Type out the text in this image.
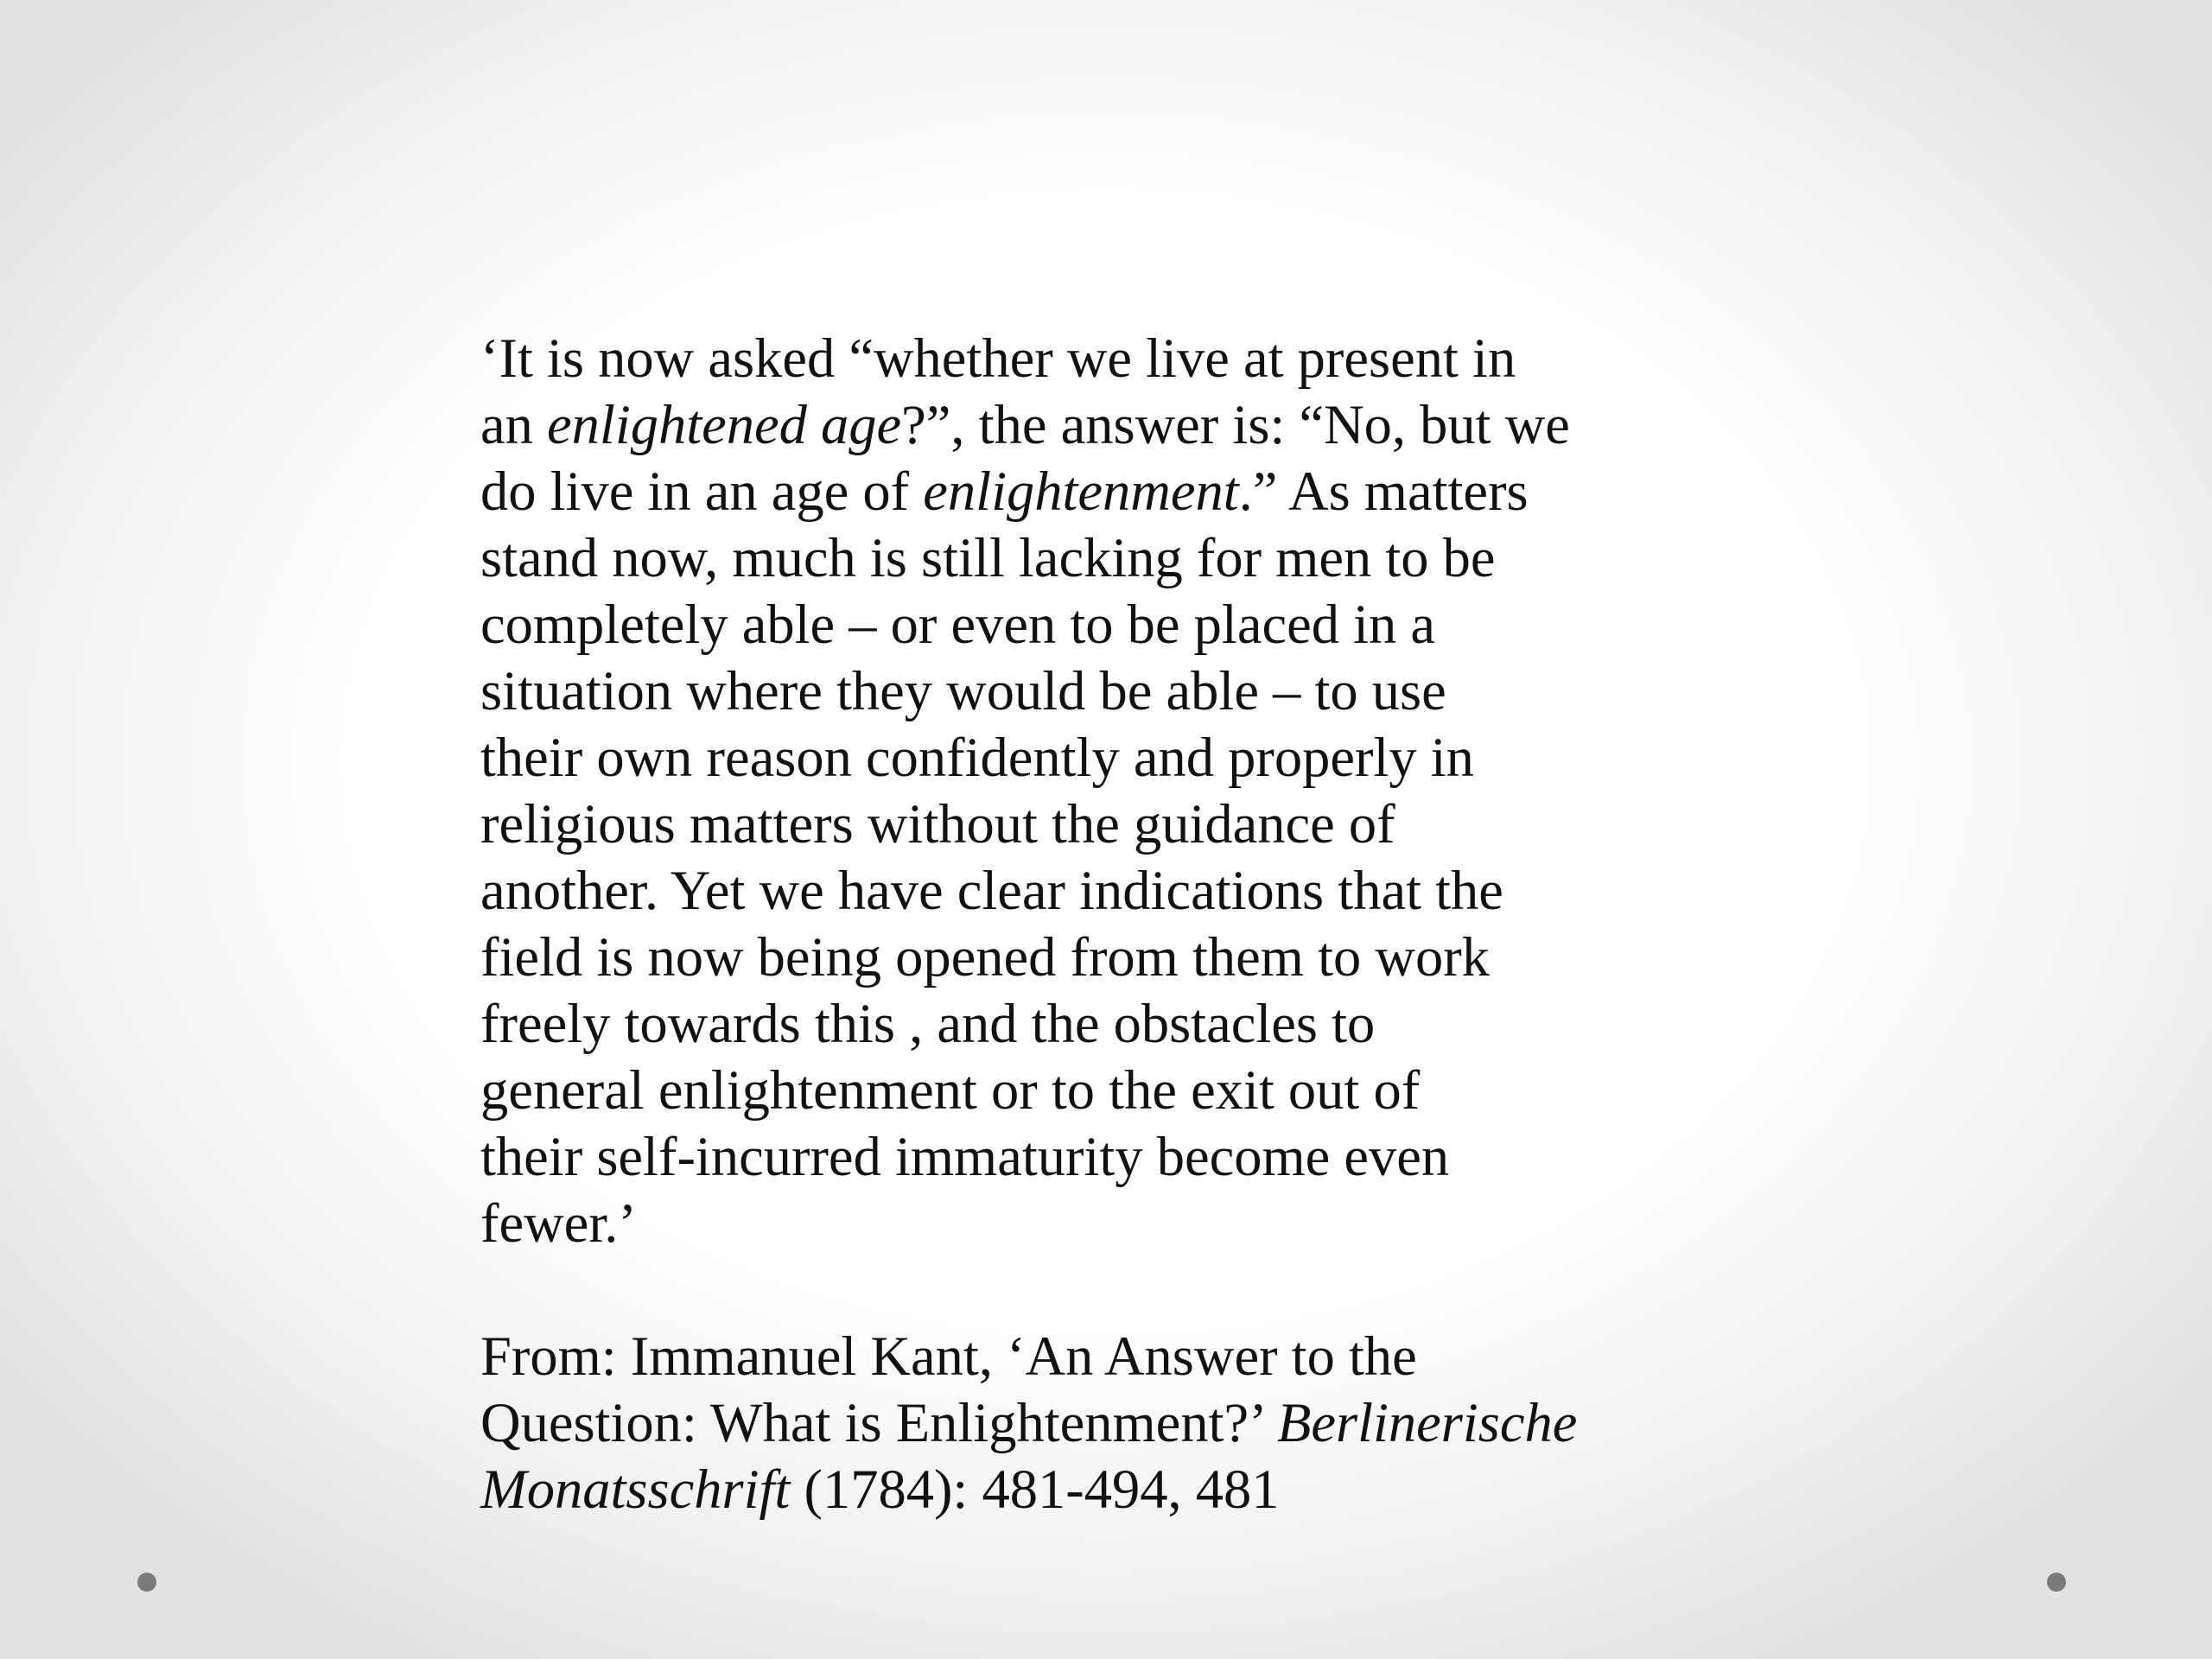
‘It is now asked “whether we live at present in
an enlightened age?”, the answer is: “No, but we
do live in an age of enlightenment.” As matters
stand now, much is still lacking for men to be
completely able – or even to be placed in a
situation where they would be able – to use
their own reason confidently and properly in
religious matters without the guidance of
another. Yet we have clear indications that the
field is now being opened from them to work
freely towards this , and the obstacles to
general enlightenment or to the exit out of
their self-incurred immaturity become even
fewer.’
From: Immanuel Kant, ‘An Answer to the
Question: What is Enlightenment?’ Berlinerische
Monatsschrift (1784): 481-494, 481
